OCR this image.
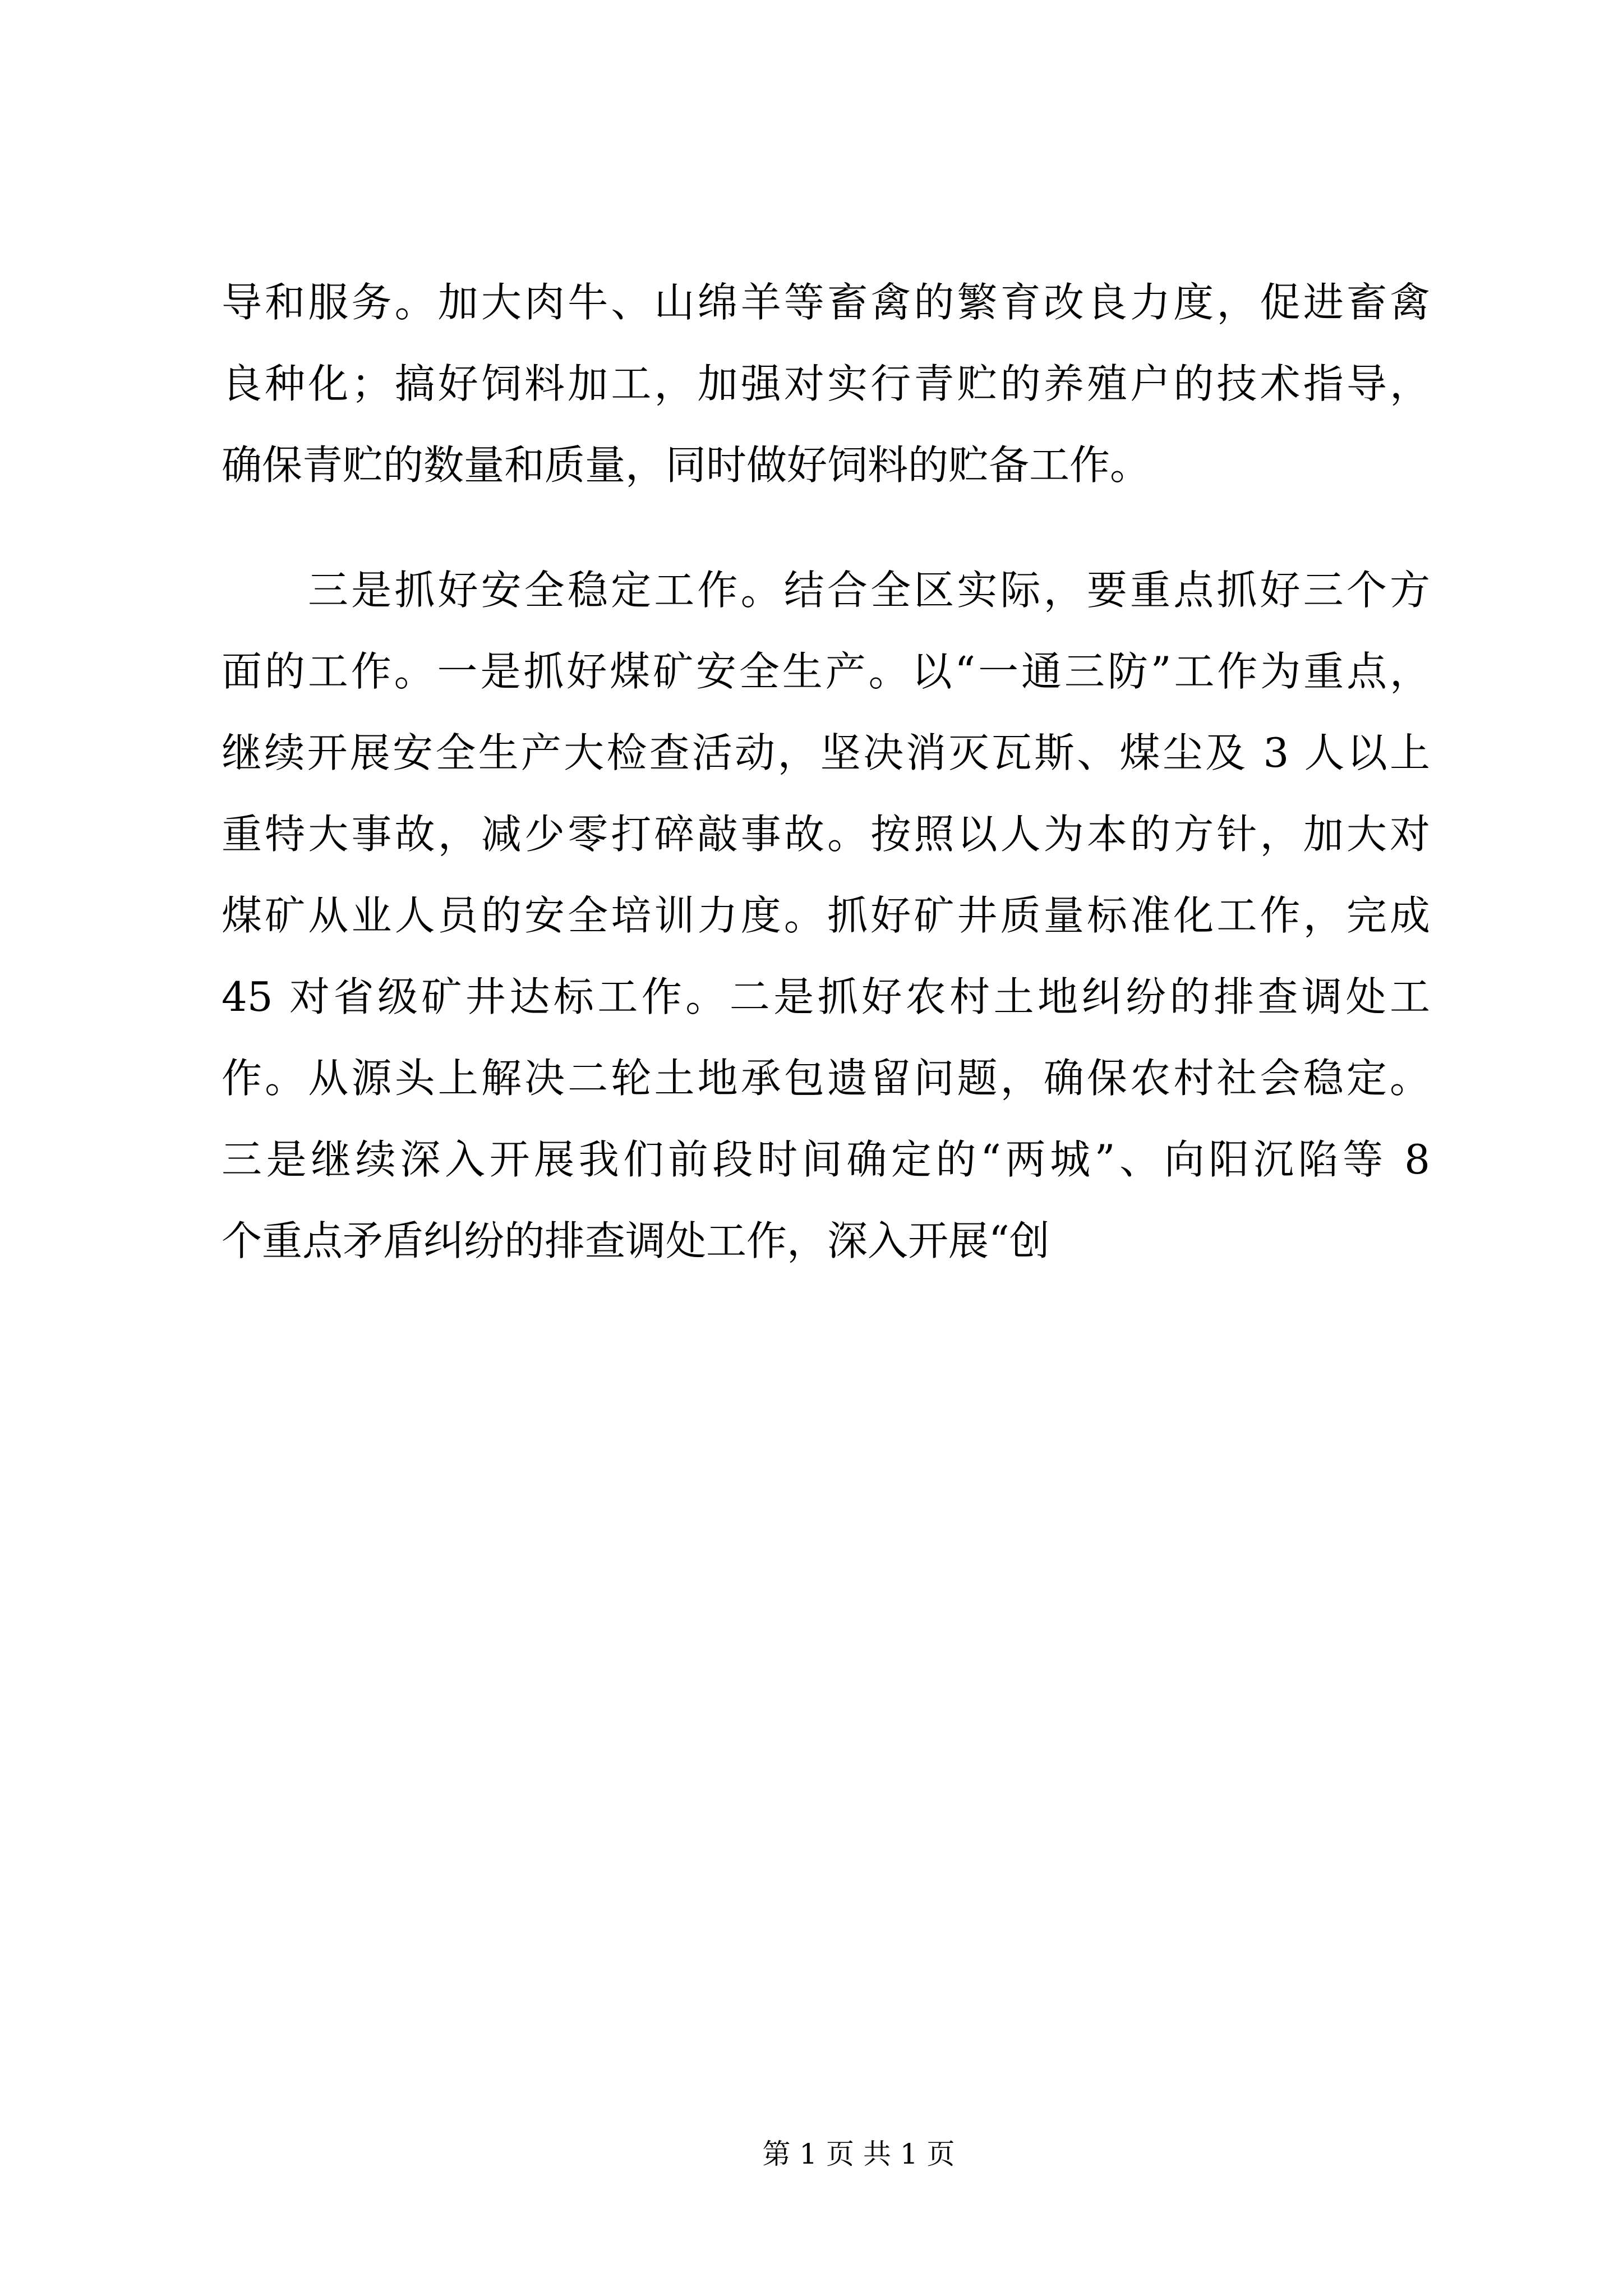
导和服务。加大肉牛、山绵羊等畜禽的繁育改良力度，促进畜禽
良种化；搞好饲料加工，加强对实行青贮的养殖户的技术指导，
确保青贮的数量和质量，同时做好饲料的贮备工作。
三是抓好安全稳定工作。结合全区实际，要重点抓好三个方
面的工作。一是抓好煤矿安全生产。以“一通三防”工作为重点，
继续开展安全生产大检查活动，坚决消灭瓦斯、煤尘及 3 人以上
重特大事故，减少零打碎敲事故。按照以人为本的方针，加大对
煤矿从业人员的安全培训力度。抓好矿井质量标准化工作，完成
45 对省级矿井达标工作。二是抓好农村土地纠纷的排查调处工
作。从源头上解决二轮土地承包遗留问题，确保农村社会稳定。
三是继续深入开展我们前段时间确定的“两城”、向阳沉陷等 8
个重点矛盾纠纷的排查调处工作，深入开展“创
第 1 页 共 1 页
